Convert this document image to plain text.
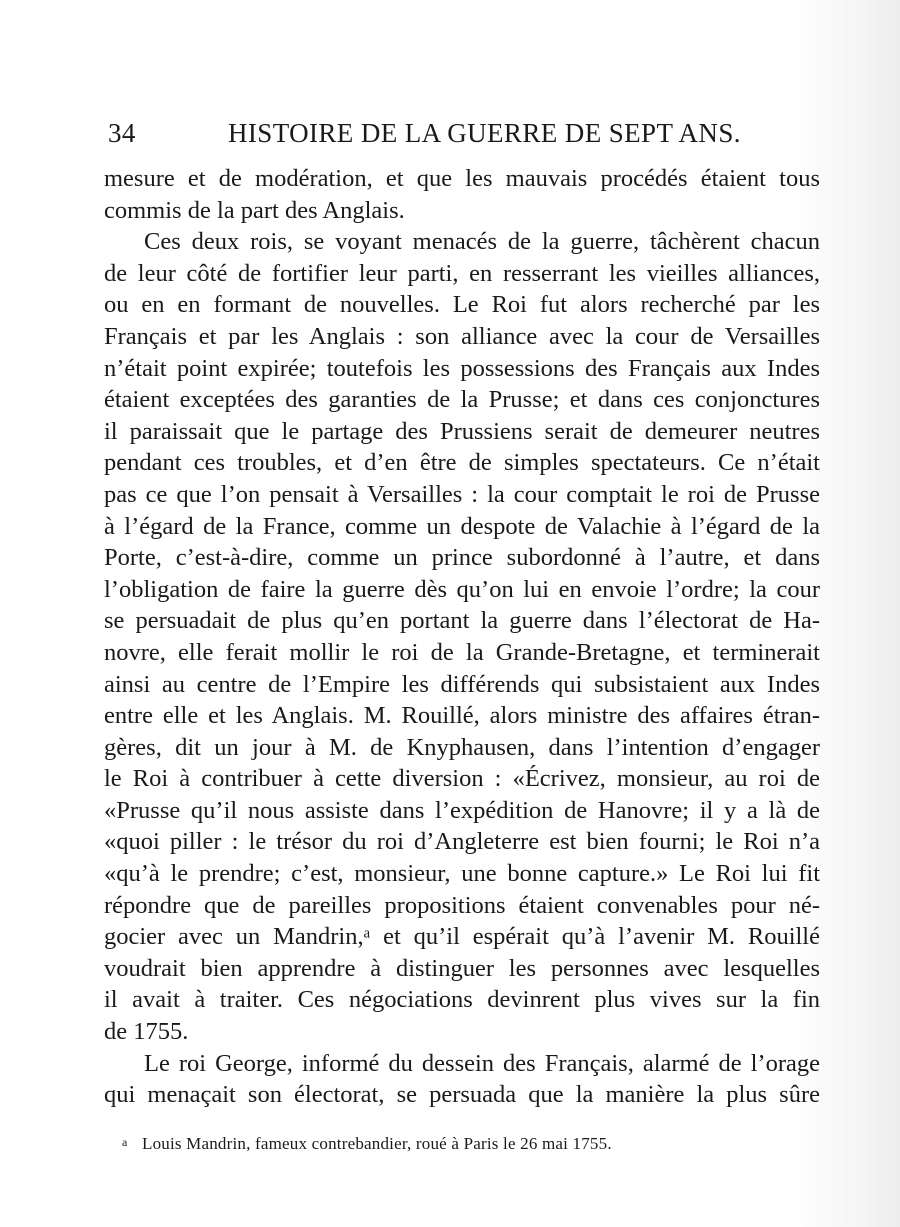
34	HISTOIRE DE LA GUERRE DE SEPT ANS.
mesure et de modération, et que les mauvais procédés étaient tous
commis de la part des Anglais.
Ces deux rois, se voyant menacés de la guerre, tâchèrent chacun
de leur côté de fortifier leur parti, en resserrant les vieilles alliances,
ou en en formant de nouvelles. Le Roi fut alors recherché par les
Français et par les Anglais : son alliance avec la cour de Versailles
n’était point expirée; toutefois les possessions des Français aux Indes
étaient exceptées des garanties de la Prusse; et dans ces conjonctures
il paraissait que le partage des Prussiens serait de demeurer neutres
pendant ces troubles, et d’en être de simples spectateurs. Ce n’était
pas ce que l’on pensait à Versailles : la cour comptait le roi de Prusse
à l’égard de la France, comme un despote de Valachie à l’égard de la
Porte, c’est-à-dire, comme un prince subordonné à l’autre, et dans
l’obligation de faire la guerre dès qu’on lui en envoie l’ordre; la cour
se persuadait de plus qu’en portant la guerre dans l’électorat de Ha-
novre, elle ferait mollir le roi de la Grande-Bretagne, et terminerait
ainsi au centre de l’Empire les différends qui subsistaient aux Indes
entre elle et les Anglais. M. Rouillé, alors ministre des affaires étran-
gères, dit un jour à M. de Knyphausen, dans l’intention d’engager
le Roi à contribuer à cette diversion : «Écrivez, monsieur, au roi de
«Prusse qu’il nous assiste dans l’expédition de Hanovre; il y a là de
«quoi piller : le trésor du roi d’Angleterre est bien fourni; le Roi n’a
«qu’à le prendre; c’est, monsieur, une bonne capture.» Le Roi lui fit
répondre que de pareilles propositions étaient convenables pour né-
gocier avec un Mandrin,ᵃ et qu’il espérait qu’à l’avenir M. Rouillé
voudrait bien apprendre à distinguer les personnes avec lesquelles
il avait à traiter. Ces négociations devinrent plus vives sur la fin
de 1755.
Le roi George, informé du dessein des Français, alarmé de l’orage
qui menaçait son électorat, se persuada que la manière la plus sûre
a Louis Mandrin, fameux contrebandier, roué à Paris le 26 mai 1755.
